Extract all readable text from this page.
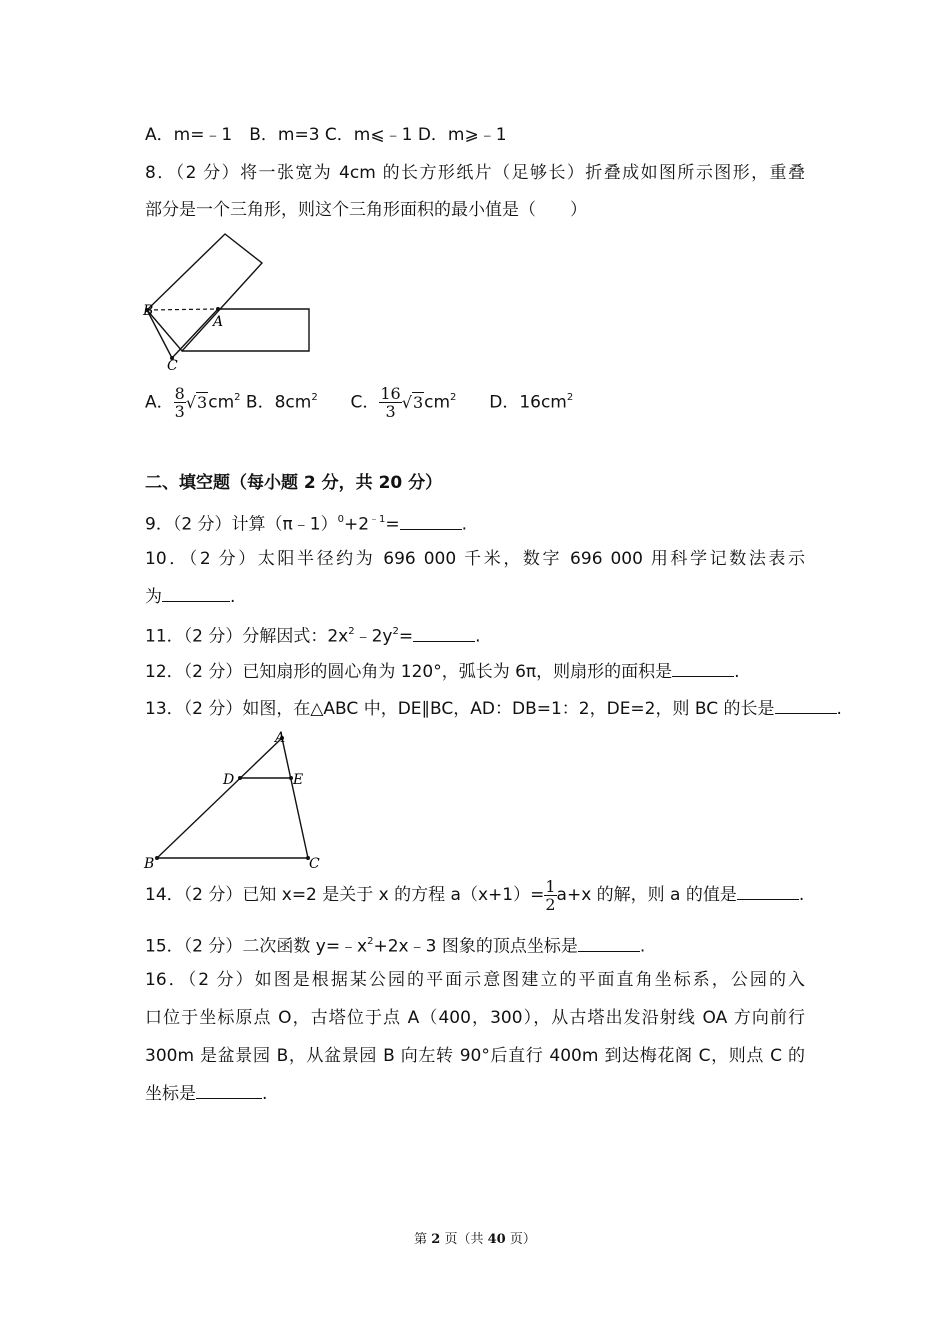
A．m=﹣1　B．m=3 C．m⩽﹣1 D．m⩾﹣1
8．（2 分）将一张宽为 4cm 的长方形纸片（足够长）折叠成如图所示图形，重叠
部分是一个三角形，则这个三角形面积的最小值是（　　）
B
A
C
A． $\frac{8}{3} √3cm^2$ B．$8cm^2$ C． $\frac{16}{3} √3cm^2$ D．$16cm^2$
二、填空题（每小题 2 分，共 20 分）
9．（2 分）计算$(\pi﹣1)^0+2^{﹣1}=$	.
10．（2 分）太阳半径约为 696 000 千米，数字 696 000 用科学记数法表示
为	.
11．（2 分）分解因式：$2x^2﹣2y^2=$	.
12．（2 分）已知扇形的圆心角为 120°，弧长为 6π，则扇形的面积是	.
13．（2 分）如图，在△ABC 中，DE∥BC，AD：DB=1：2，DE=2，则 BC 的长是	.
A
D	E
B	C
14．（2 分）已知 x=2 是关于 x 的方程 $a(x+1)= \frac{1}{2} a+x$ 的解，则 a 的值是	.
15．（2 分）二次函数 $y=﹣x^2+2x﹣3$ 图象的顶点坐标是	.
16．（2 分）如图是根据某公园的平面示意图建立的平面直角坐标系，公园的入
口位于坐标原点 O，古塔位于点 A（400，300），从古塔出发沿射线 OA 方向前行
300m 是盆景园 B，从盆景园 B 向左转 90°后直行 400m 到达梅花阁 C，则点 C 的
坐标是	.
第 2 页（共 40 页）
